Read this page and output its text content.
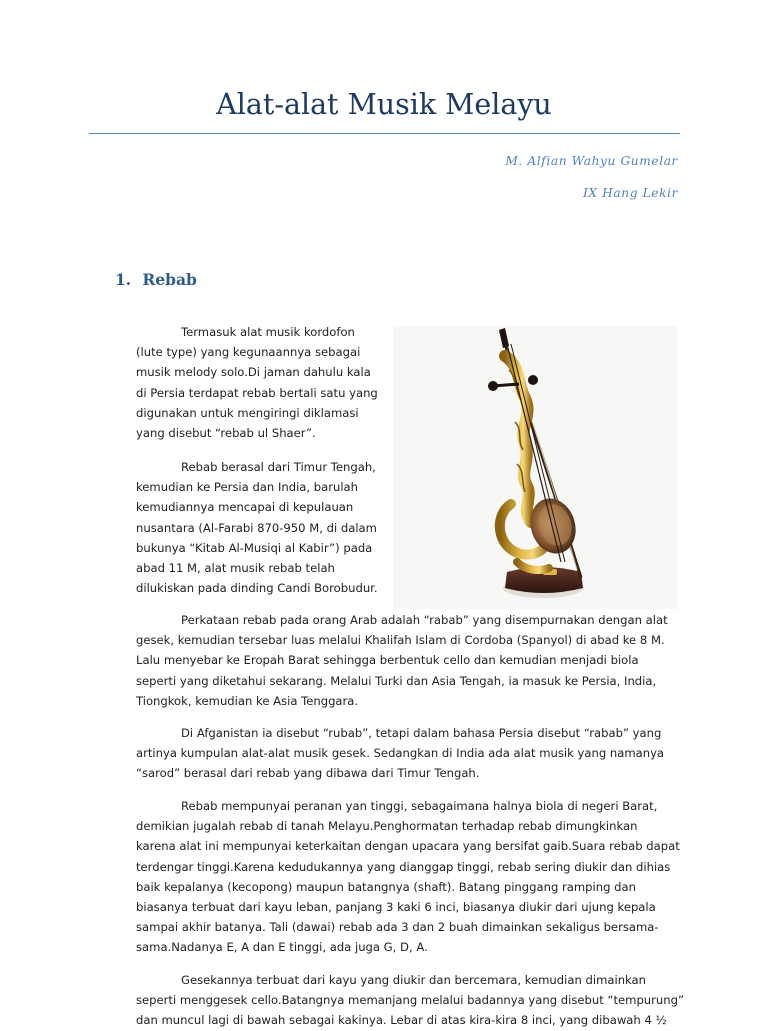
Alat-alat Musik Melayu
M. Alfian Wahyu Gumelar
IX Hang Lekir
1. Rebab
Termasuk alat musik kordofon
(lute type) yang kegunaannya sebagai
musik melody solo.Di jaman dahulu kala
di Persia terdapat rebab bertali satu yang
digunakan untuk mengiringi diklamasi
yang disebut “rebab ul Shaer”.
Rebab berasal dari Timur Tengah,
kemudian ke Persia dan India, barulah
kemudiannya mencapai di kepulauan
nusantara (Al-Farabi 870-950 M, di dalam
bukunya “Kitab Al-Musiqi al Kabir”) pada
abad 11 M, alat musik rebab telah
dilukiskan pada dinding Candi Borobudur.
Perkataan rebab pada orang Arab adalah “rabab” yang disempurnakan dengan alat
gesek, kemudian tersebar luas melalui Khalifah Islam di Cordoba (Spanyol) di abad ke 8 M.
Lalu menyebar ke Eropah Barat sehingga berbentuk cello dan kemudian menjadi biola
seperti yang diketahui sekarang. Melalui Turki dan Asia Tengah, ia masuk ke Persia, India,
Tiongkok, kemudian ke Asia Tenggara.
Di Afganistan ia disebut “rubab”, tetapi dalam bahasa Persia disebut “rabab” yang
artinya kumpulan alat-alat musik gesek. Sedangkan di India ada alat musik yang namanya
“sarod” berasal dari rebab yang dibawa dari Timur Tengah.
Rebab mempunyai peranan yan tinggi, sebagaimana halnya biola di negeri Barat,
demikian jugalah rebab di tanah Melayu.Penghormatan terhadap rebab dimungkinkan
karena alat ini mempunyai keterkaitan dengan upacara yang bersifat gaib.Suara rebab dapat
terdengar tinggi.Karena kedudukannya yang dianggap tinggi, rebab sering diukir dan dihias
baik kepalanya (kecopong) maupun batangnya (shaft). Batang pinggang ramping dan
biasanya terbuat dari kayu leban, panjang 3 kaki 6 inci, biasanya diukir dari ujung kepala
sampai akhir batanya. Tali (dawai) rebab ada 3 dan 2 buah dimainkan sekaligus bersama-
sama.Nadanya E, A dan E tinggi, ada juga G, D, A.
Gesekannya terbuat dari kayu yang diukir dan bercemara, kemudian dimainkan
seperti menggesek cello.Batangnya memanjang melalui badannya yang disebut “tempurung”
dan muncul lagi di bawah sebagai kakinya. Lebar di atas kira-kira 8 inci, yang dibawah 4 ½
